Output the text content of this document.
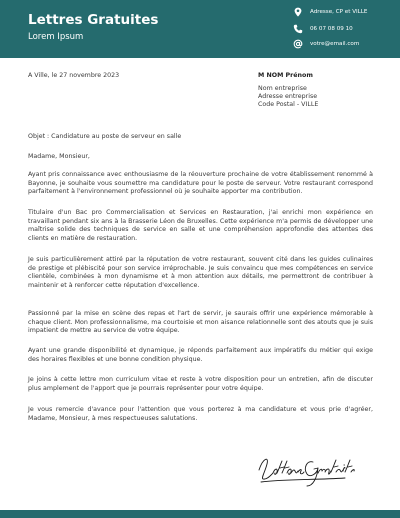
Lettres Gratuites
Lorem Ipsum
Adresse, CP et VILLE
06 07 08 09 10
votre@email.com
A Ville, le 27 novembre 2023	M NOM Prénom
Nom entreprise
Adresse entreprise
Code Postal - VILLE
Objet : Candidature au poste de serveur en salle
Madame, Monsieur,

Ayant pris connaissance avec enthousiasme de la réouverture prochaine de votre établissement renommé à Bayonne, je souhaite vous soumettre ma candidature pour le poste de serveur. Votre restaurant correspond parfaitement à l'environnement professionnel où je souhaite apporter ma contribution.

Titulaire d'un Bac pro Commercialisation et Services en Restauration, j'ai enrichi mon expérience en travaillant pendant six ans à la Brasserie Léon de Bruxelles. Cette expérience m'a permis de développer une maîtrise solide des techniques de service en salle et une compréhension approfondie des attentes des clients en matière de restauration.

Je suis particulièrement attiré par la réputation de votre restaurant, souvent cité dans les guides culinaires de prestige et plébiscité pour son service irréprochable. Je suis convaincu que mes compétences en service clientèle, combinées à mon dynamisme et à mon attention aux détails, me permettront de contribuer à maintenir et à renforcer cette réputation d'excellence.

Passionné par la mise en scène des repas et l'art de servir, je saurais offrir une expérience mémorable à chaque client. Mon professionnalisme, ma courtoisie et mon aisance relationnelle sont des atouts que je suis impatient de mettre au service de votre équipe.

Ayant une grande disponibilité et dynamique, je réponds parfaitement aux impératifs du métier qui exige des horaires flexibles et une bonne condition physique.

Je joins à cette lettre mon curriculum vitae et reste à votre disposition pour un entretien, afin de discuter plus amplement de l'apport que je pourrais représenter pour votre équipe.

Je vous remercie d'avance pour l'attention que vous porterez à ma candidature et vous prie d'agréer, Madame, Monsieur, à mes respectueuses salutations.
